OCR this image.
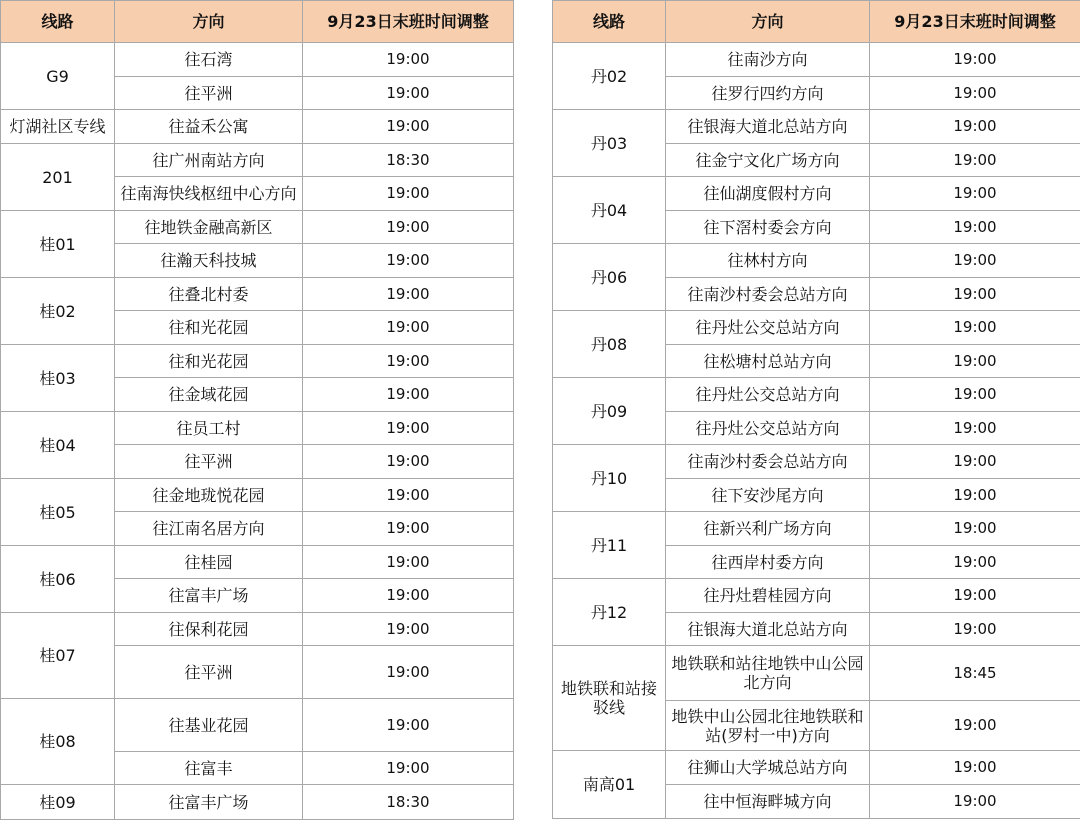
线路	方向	9月23日末班时间调整
G9	往石湾	19:00
	往平洲	19:00
灯湖社区专线	往益禾公寓	19:00
201	往广州南站方向	18:30
	往南海快线枢纽中心方向	19:00
桂01	往地铁金融高新区	19:00
	往瀚天科技城	19:00
桂02	往叠北村委	19:00
	往和光花园	19:00
桂03	往和光花园	19:00
	往金域花园	19:00
桂04	往员工村	19:00
	往平洲	19:00
桂05	往金地珑悦花园	19:00
	往江南名居方向	19:00
桂06	往桂园	19:00
	往富丰广场	19:00
桂07	往保利花园	19:00
	往平洲	19:00
桂08	往基业花园	19:00
	往富丰	19:00
桂09	往富丰广场	18:30
线路	方向	9月23日末班时间调整
丹02	往南沙方向	19:00
	往罗行四约方向	19:00
丹03	往银海大道北总站方向	19:00
	往金宁文化广场方向	19:00
丹04	往仙湖度假村方向	19:00
	往下滘村委会方向	19:00
丹06	往林村方向	19:00
	往南沙村委会总站方向	19:00
丹08	往丹灶公交总站方向	19:00
	往松塘村总站方向	19:00
丹09	往丹灶公交总站方向	19:00
	往丹灶公交总站方向	19:00
丹10	往南沙村委会总站方向	19:00
	往下安沙尾方向	19:00
丹11	往新兴利广场方向	19:00
	往西岸村委方向	19:00
丹12	往丹灶碧桂园方向	19:00
	往银海大道北总站方向	19:00
地铁联和站接驳线	地铁联和站往地铁中山公园北方向	18:45
	地铁中山公园北往地铁联和站(罗村一中)方向	19:00
南高01	往狮山大学城总站方向	19:00
	往中恒海畔城方向	19:00
